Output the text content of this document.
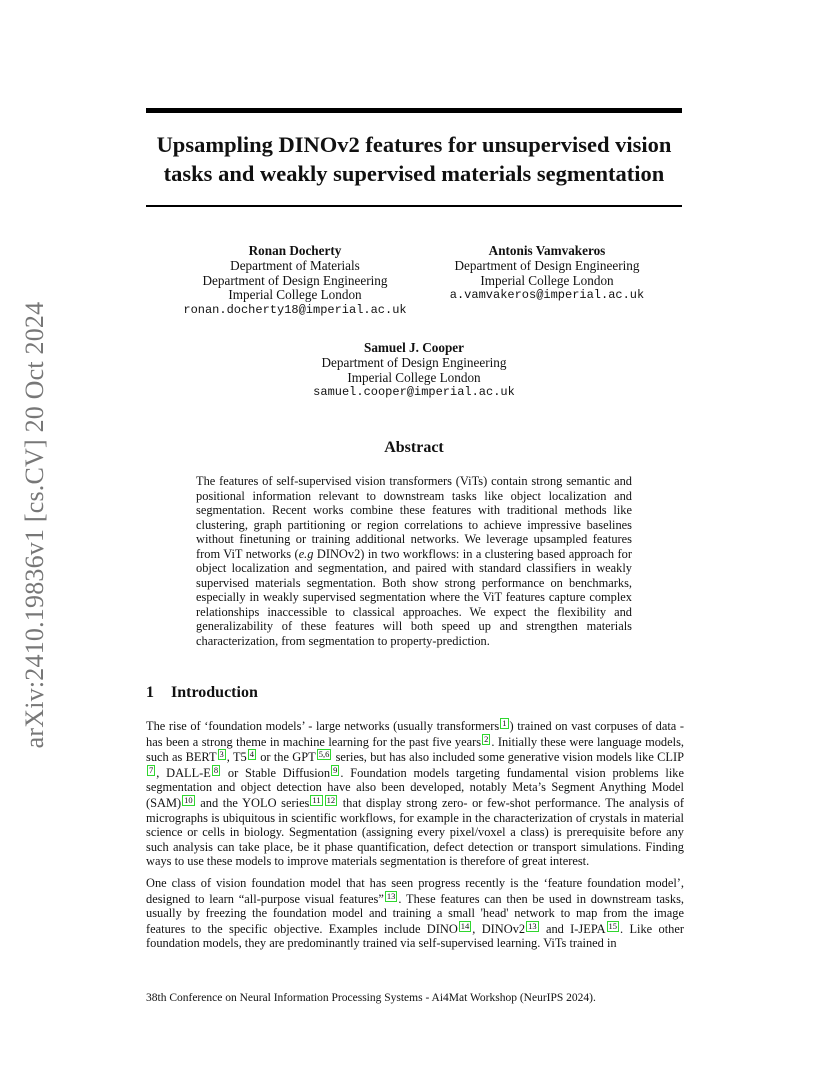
arXiv:2410.19836v1 [cs.CV] 20 Oct 2024
Upsampling DINOv2 features for unsupervised vision
tasks and weakly supervised materials segmentation
Ronan Docherty
Department of Materials
Department of Design Engineering
Imperial College London
ronan.docherty18@imperial.ac.uk
Antonis Vamvakeros
Department of Design Engineering
Imperial College London
a.vamvakeros@imperial.ac.uk
Samuel J. Cooper
Department of Design Engineering
Imperial College London
samuel.cooper@imperial.ac.uk
Abstract

The features of self-supervised vision transformers (ViTs) contain strong semantic and positional information relevant to downstream tasks like object localization and segmentation. Recent works combine these features with traditional methods like clustering, graph partitioning or region correlations to achieve impressive baselines without finetuning or training additional networks. We leverage upsampled features from ViT networks (e.g DINOv2) in two workflows: in a clustering based approach for object localization and segmentation, and paired with standard classifiers in weakly supervised materials segmentation. Both show strong performance on benchmarks, especially in weakly supervised segmentation where the ViT features capture complex relationships inaccessible to classical approaches. We expect the flexibility and generalizability of these features will both speed up and strengthen materials characterization, from segmentation to property-prediction.

1 Introduction

The rise of ‘foundation models’ - large networks (usually transformers 1 ) trained on vast corpuses of data - has been a strong theme in machine learning for the past five years 2 . Initially these were language models, such as BERT 3 , T5 4 or the GPT 5,6 series, but has also included some generative vision models like CLIP7 , DALL-E 8 or Stable Diffusion 9 . Foundation models targeting fundamental vision problems like segmentation and object detection have also been developed, notably Meta’s Segment Anything Model (SAM) 10 and the YOLO series 11 12 that display strong zero- or few-shot performance. The analysis of micrographs is ubiquitous in scientific workflows, for example in the characterization of crystals in material science or cells in biology. Segmentation (assigning every pixel/voxel a class) is prerequisite before any such analysis can take place, be it phase quantification, defect detection or transport simulations. Finding ways to use these models to improve materials segmentation is therefore of great interest.

One class of vision foundation model that has seen progress recently is the ‘feature foundation model’, designed to learn “all-purpose visual features” 13 . These features can then be used in downstream tasks, usually by freezing the foundation model and training a small 'head' network to map from the image features to the specific objective. Examples include DINO 14 , DINOv2 13 and I-JEPA 15 . Like other foundation models, they are predominantly trained via self-supervised learning. ViTs trained in

38th Conference on Neural Information Processing Systems - Ai4Mat Workshop (NeurIPS 2024).
